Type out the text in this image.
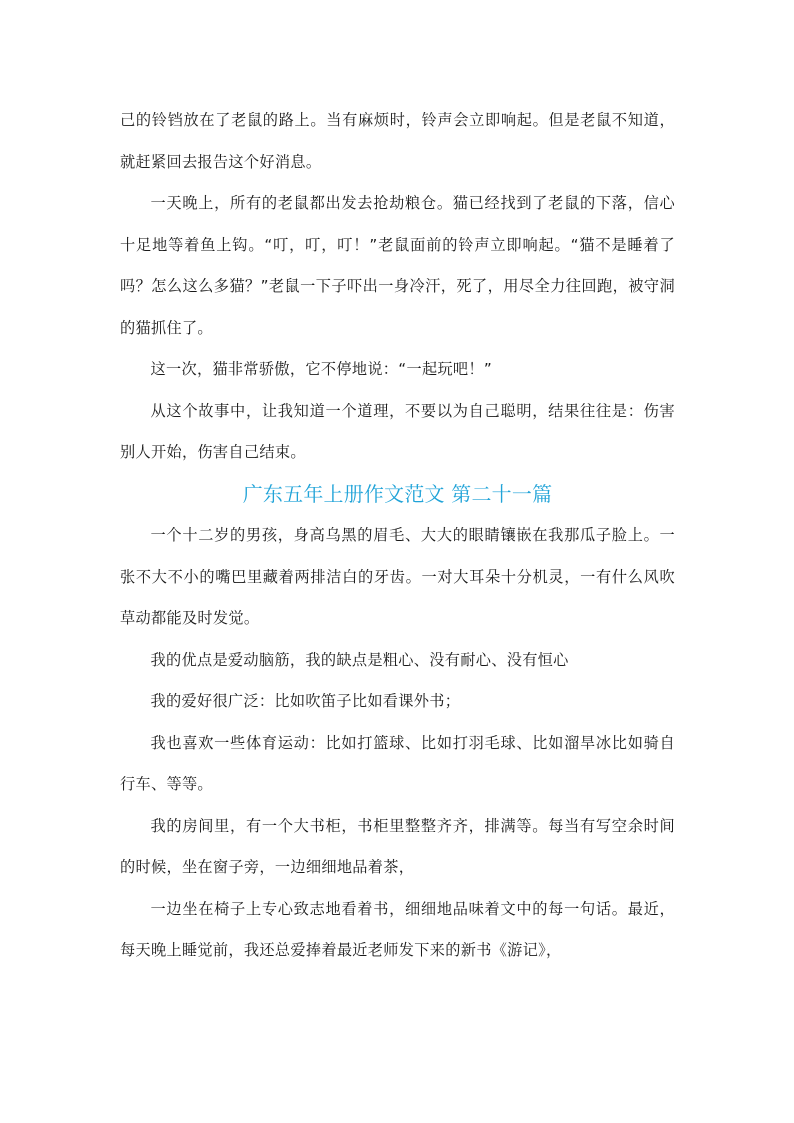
己的铃铛放在了老鼠的路上。当有麻烦时，铃声会立即响起。但是老鼠不知道，就赶紧回去报告这个好消息。

一天晚上，所有的老鼠都出发去抢劫粮仓。猫已经找到了老鼠的下落，信心十足地等着鱼上钩。“叮，叮，叮！”老鼠面前的铃声立即响起。“猫不是睡着了吗？怎么这么多猫？”老鼠一下子吓出一身冷汗，死了，用尽全力往回跑，被守洞的猫抓住了。

这一次，猫非常骄傲，它不停地说：“一起玩吧！”

从这个故事中，让我知道一个道理，不要以为自己聪明，结果往往是：伤害别人开始，伤害自己结束。

广东五年上册作文范文 第二十一篇

一个十二岁的男孩，身高乌黑的眉毛、大大的眼睛镶嵌在我那瓜子脸上。一张不大不小的嘴巴里藏着两排洁白的牙齿。一对大耳朵十分机灵，一有什么风吹草动都能及时发觉。

我的优点是爱动脑筋，我的缺点是粗心、没有耐心、没有恒心

我的爱好很广泛：比如吹笛子比如看课外书；

我也喜欢一些体育运动：比如打篮球、比如打羽毛球、比如溜旱冰比如骑自行车、等等。

我的房间里，有一个大书柜，书柜里整整齐齐，排满等。每当有写空余时间的时候，坐在窗子旁，一边细细地品着茶，

一边坐在椅子上专心致志地看着书，细细地品味着文中的每一句话。最近，每天晚上睡觉前，我还总爱捧着最近老师发下来的新书《游记》，
